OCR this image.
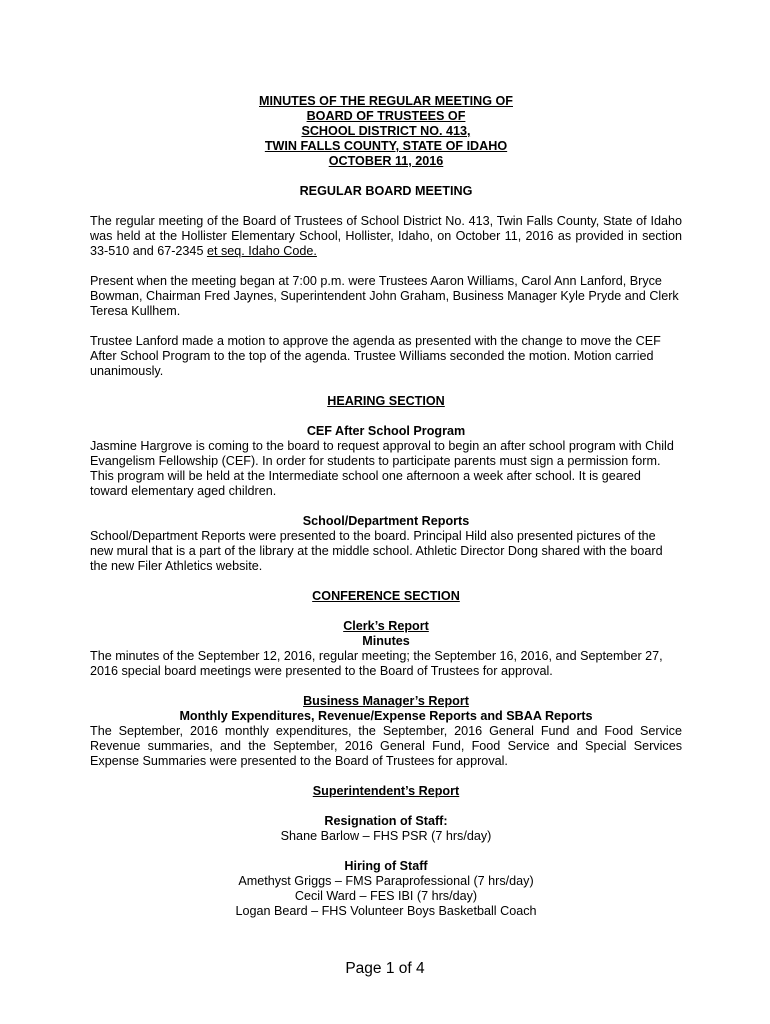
MINUTES OF THE REGULAR MEETING OF
BOARD OF TRUSTEES OF
SCHOOL DISTRICT NO. 413,
TWIN FALLS COUNTY, STATE OF IDAHO
OCTOBER 11, 2016

REGULAR BOARD MEETING

The regular meeting of the Board of Trustees of School District No. 413, Twin Falls County, State of Idaho was held at the Hollister Elementary School, Hollister, Idaho, on October 11, 2016 as provided in section 33-510 and 67-2345 et seq. Idaho Code.

Present when the meeting began at 7:00 p.m. were Trustees Aaron Williams, Carol Ann Lanford, Bryce Bowman, Chairman Fred Jaynes, Superintendent John Graham, Business Manager Kyle Pryde and Clerk Teresa Kullhem.

Trustee Lanford made a motion to approve the agenda as presented with the change to move the CEF After School Program to the top of the agenda. Trustee Williams seconded the motion. Motion carried unanimously.

HEARING SECTION

CEF After School Program

Jasmine Hargrove is coming to the board to request approval to begin an after school program with Child Evangelism Fellowship (CEF). In order for students to participate parents must sign a permission form. This program will be held at the Intermediate school one afternoon a week after school. It is geared toward elementary aged children.

School/Department Reports

School/Department Reports were presented to the board. Principal Hild also presented pictures of the new mural that is a part of the library at the middle school. Athletic Director Dong shared with the board the new Filer Athletics website.

CONFERENCE SECTION

Clerk’s Report

Minutes

The minutes of the September 12, 2016, regular meeting; the September 16, 2016, and September 27, 2016 special board meetings were presented to the Board of Trustees for approval.

Business Manager’s Report

Monthly Expenditures, Revenue/Expense Reports and SBAA Reports

The September, 2016 monthly expenditures, the September, 2016 General Fund and Food Service Revenue summaries, and the September, 2016 General Fund, Food Service and Special Services Expense Summaries were presented to the Board of Trustees for approval.

Superintendent’s Report

Resignation of Staff:

Shane Barlow – FHS PSR (7 hrs/day)

Hiring of Staff

Amethyst Griggs – FMS Paraprofessional (7 hrs/day)

Cecil Ward – FES IBI (7 hrs/day)

Logan Beard – FHS Volunteer Boys Basketball Coach

Page 1 of 4
